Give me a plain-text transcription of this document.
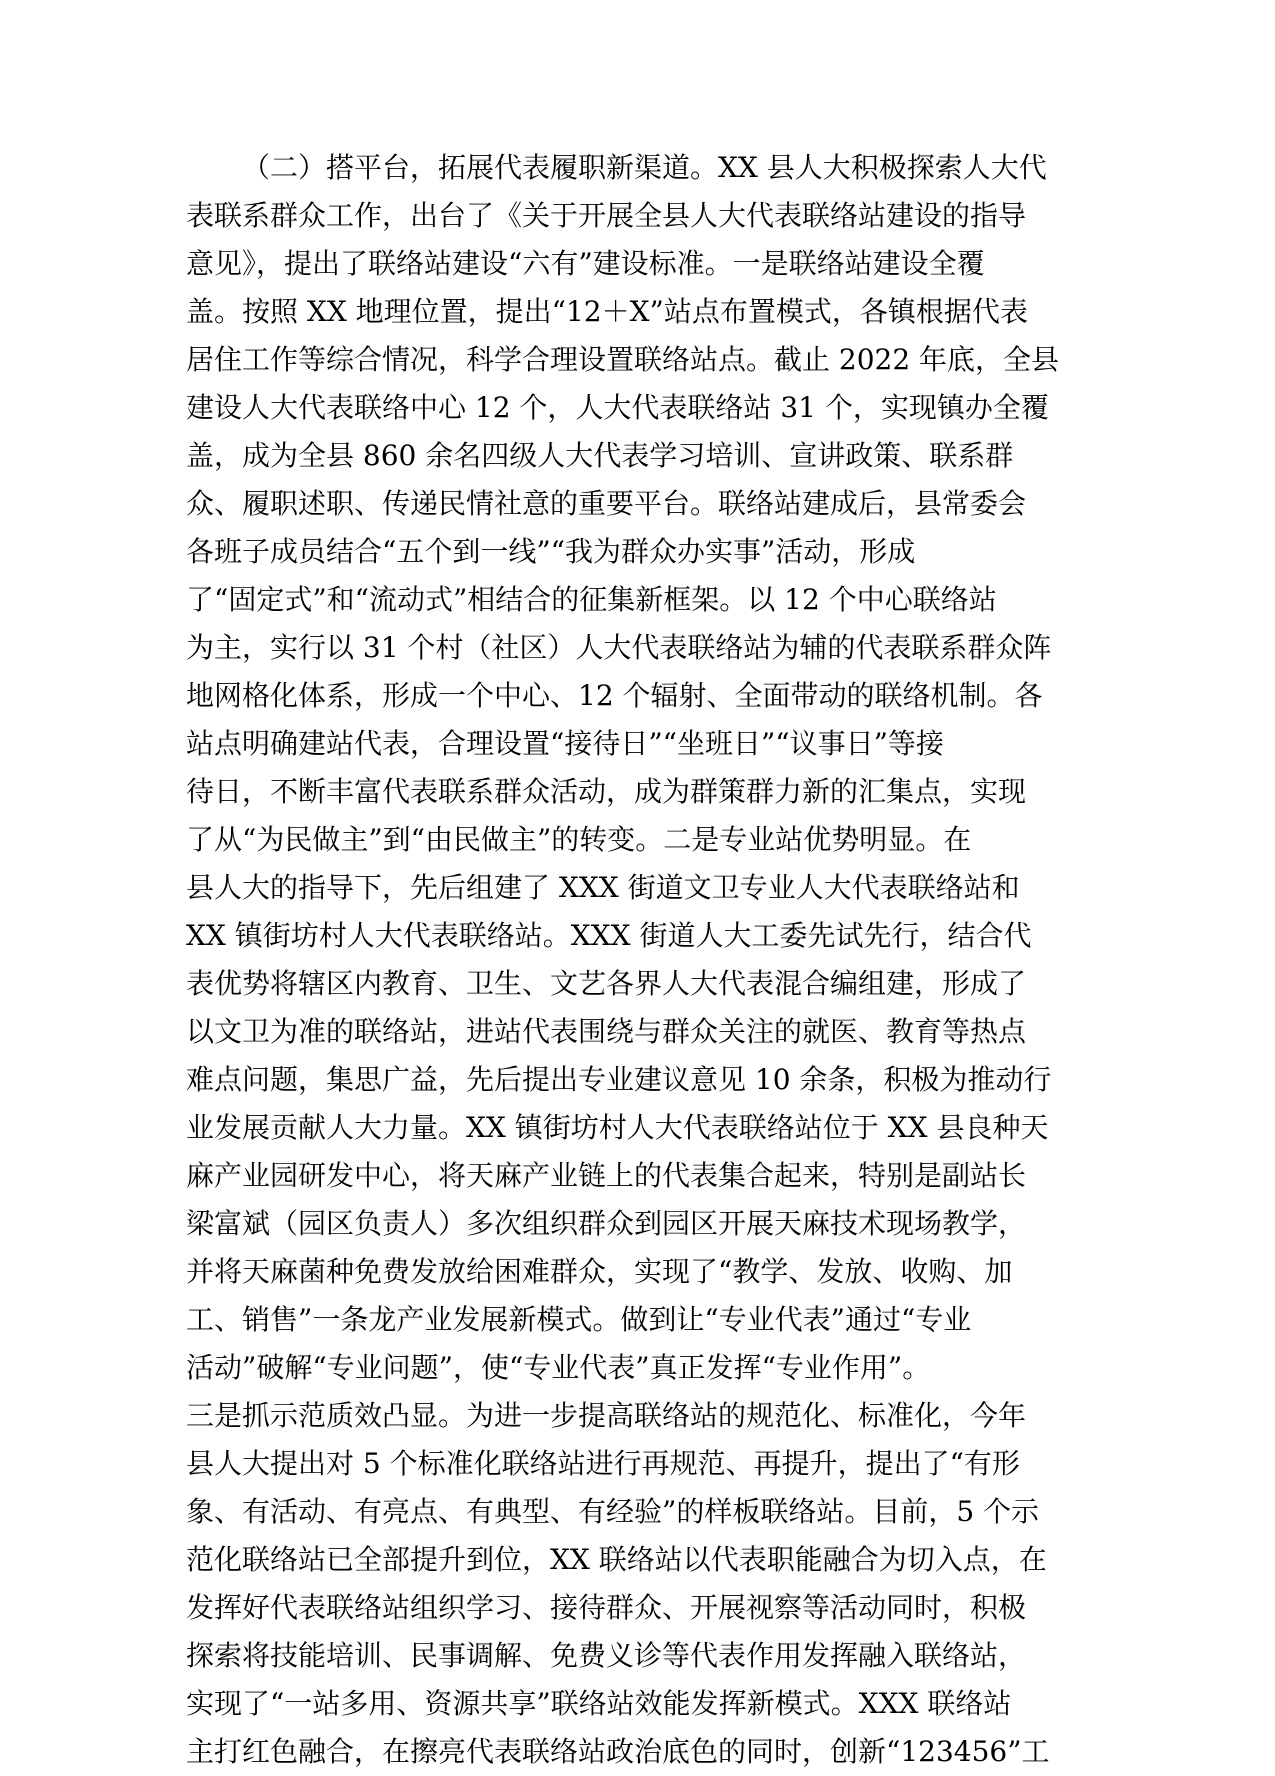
（二）搭平台，拓展代表履职新渠道。XX 县人大积极探索人大代
表联系群众工作，出台了《关于开展全县人大代表联络站建设的指导
意见》，提出了联络站建设“六有”建设标准。一是联络站建设全覆
盖。按照 XX 地理位置，提出“12＋X”站点布置模式，各镇根据代表
居住工作等综合情况，科学合理设置联络站点。截止 2022 年底，全县
建设人大代表联络中心 12 个，人大代表联络站 31 个，实现镇办全覆
盖，成为全县 860 余名四级人大代表学习培训、宣讲政策、联系群
众、履职述职、传递民情社意的重要平台。联络站建成后，县常委会
各班子成员结合“五个到一线”“我为群众办实事”活动，形成
了“固定式”和“流动式”相结合的征集新框架。以 12 个中心联络站
为主，实行以 31 个村（社区）人大代表联络站为辅的代表联系群众阵
地网格化体系，形成一个中心、12 个辐射、全面带动的联络机制。各
站点明确建站代表，合理设置“接待日”“坐班日”“议事日”等接
待日，不断丰富代表联系群众活动，成为群策群力新的汇集点，实现
了从“为民做主”到“由民做主”的转变。二是专业站优势明显。在
县人大的指导下，先后组建了 XXX 街道文卫专业人大代表联络站和
XX 镇街坊村人大代表联络站。XXX 街道人大工委先试先行，结合代
表优势将辖区内教育、卫生、文艺各界人大代表混合编组建，形成了
以文卫为准的联络站，进站代表围绕与群众关注的就医、教育等热点
难点问题，集思广益，先后提出专业建议意见 10 余条，积极为推动行
业发展贡献人大力量。XX 镇街坊村人大代表联络站位于 XX 县良种天
麻产业园研发中心，将天麻产业链上的代表集合起来，特别是副站长
梁富斌（园区负责人）多次组织群众到园区开展天麻技术现场教学，
并将天麻菌种免费发放给困难群众，实现了“教学、发放、收购、加
工、销售”一条龙产业发展新模式。做到让“专业代表”通过“专业
活动”破解“专业问题”，使“专业代表”真正发挥“专业作用”。
三是抓示范质效凸显。为进一步提高联络站的规范化、标准化，今年
县人大提出对 5 个标准化联络站进行再规范、再提升，提出了“有形
象、有活动、有亮点、有典型、有经验”的样板联络站。目前，5 个示
范化联络站已全部提升到位，XX 联络站以代表职能融合为切入点，在
发挥好代表联络站组织学习、接待群众、开展视察等活动同时，积极
探索将技能培训、民事调解、免费义诊等代表作用发挥融入联络站，
实现了“一站多用、资源共享”联络站效能发挥新模式。XXX 联络站
主打红色融合，在擦亮代表联络站政治底色的同时，创新“123456”工
